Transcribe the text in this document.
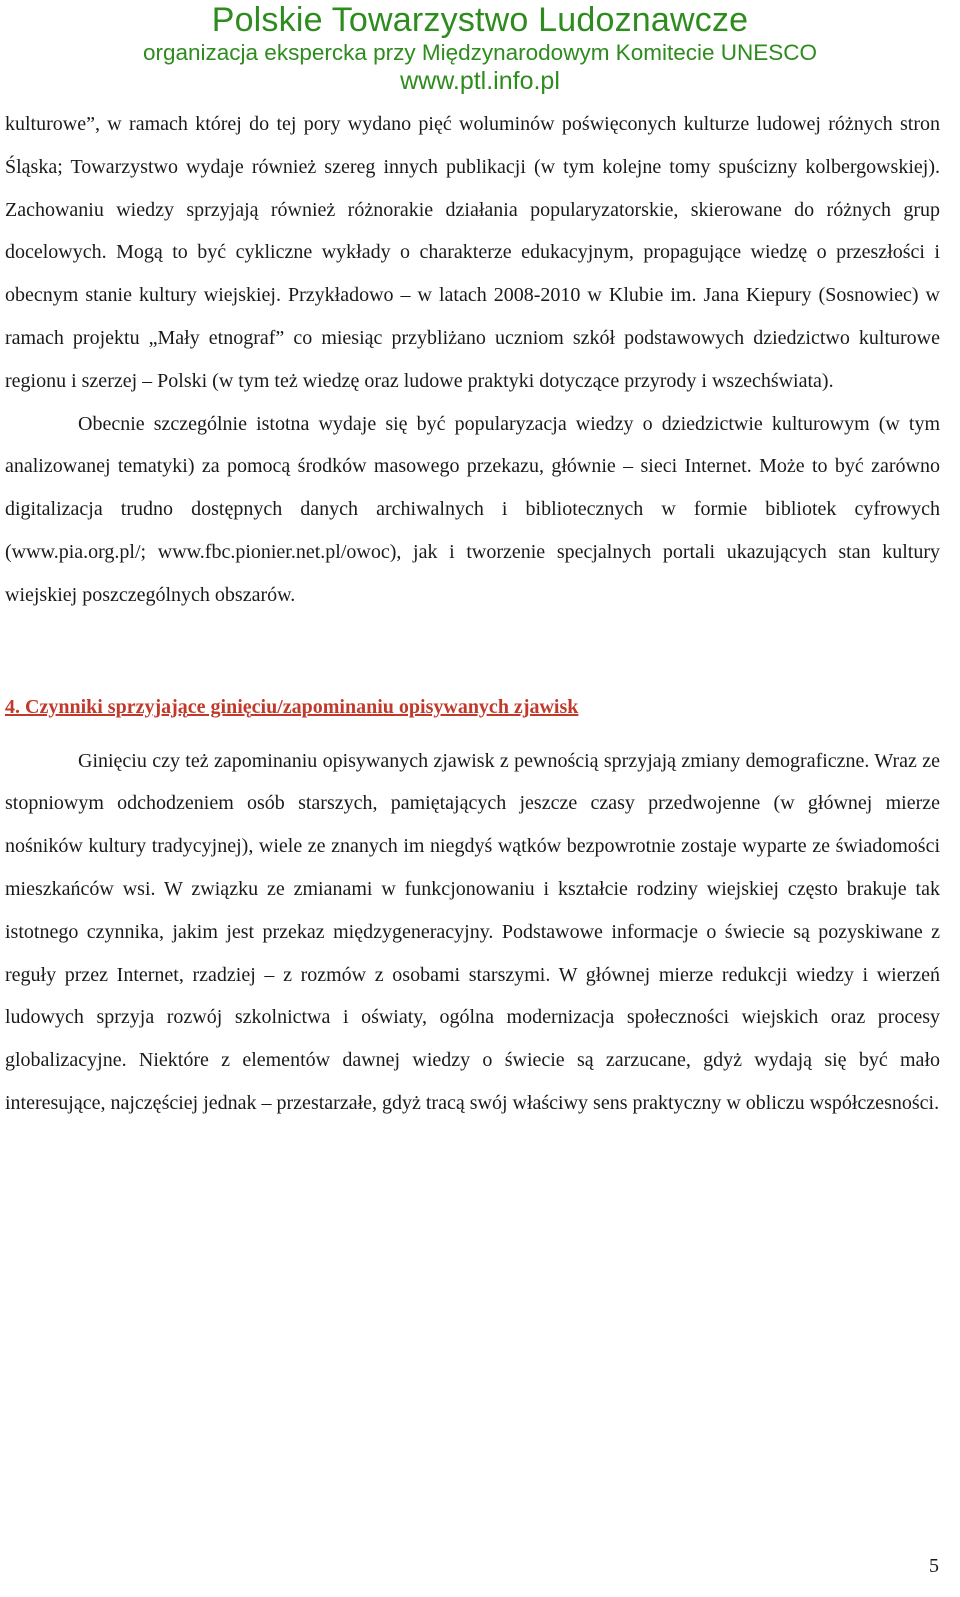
Polskie Towarzystwo Ludoznawcze
organizacja ekspercka przy Międzynarodowym Komitecie UNESCO
www.ptl.info.pl

kulturowe”, w ramach której do tej pory wydano pięć woluminów poświęconych kulturze ludowej różnych stron Śląska; Towarzystwo wydaje również szereg innych publikacji (w tym kolejne tomy spuścizny kolbergowskiej). Zachowaniu wiedzy sprzyjają również różnorakie działania popularyzatorskie, skierowane do różnych grup docelowych. Mogą to być cykliczne wykłady o charakterze edukacyjnym, propagujące wiedzę o przeszłości i obecnym stanie kultury wiejskiej. Przykładowo – w latach 2008-2010 w Klubie im. Jana Kiepury (Sosnowiec) w ramach projektu „Mały etnograf” co miesiąc przybliżano uczniom szkół podstawowych dziedzictwo kulturowe regionu i szerzej – Polski (w tym też wiedzę oraz ludowe praktyki dotyczące przyrody i wszechświata).

Obecnie szczególnie istotna wydaje się być popularyzacja wiedzy o dziedzictwie kulturowym (w tym analizowanej tematyki) za pomocą środków masowego przekazu, głównie – sieci Internet. Może to być zarówno digitalizacja trudno dostępnych danych archiwalnych i bibliotecznych w formie bibliotek cyfrowych (www.pia.org.pl/; www.fbc.pionier.net.pl/owoc), jak i tworzenie specjalnych portali ukazujących stan kultury wiejskiej poszczególnych obszarów.

4. Czynniki sprzyjające ginięciu/zapominaniu opisywanych zjawisk

Ginięciu czy też zapominaniu opisywanych zjawisk z pewnością sprzyjają zmiany demograficzne. Wraz ze stopniowym odchodzeniem osób starszych, pamiętających jeszcze czasy przedwojenne (w głównej mierze nośników kultury tradycyjnej), wiele ze znanych im niegdyś wątków bezpowrotnie zostaje wyparte ze świadomości mieszkańców wsi. W związku ze zmianami w funkcjonowaniu i kształcie rodziny wiejskiej często brakuje tak istotnego czynnika, jakim jest przekaz międzygeneracyjny. Podstawowe informacje o świecie są pozyskiwane z reguły przez Internet, rzadziej – z rozmów z osobami starszymi. W głównej mierze redukcji wiedzy i wierzeń ludowych sprzyja rozwój szkolnictwa i oświaty, ogólna modernizacja społeczności wiejskich oraz procesy globalizacyjne. Niektóre z elementów dawnej wiedzy o świecie są zarzucane, gdyż wydają się być mało interesujące, najczęściej jednak – przestarzałe, gdyż tracą swój właściwy sens praktyczny w obliczu współczesności.

5
